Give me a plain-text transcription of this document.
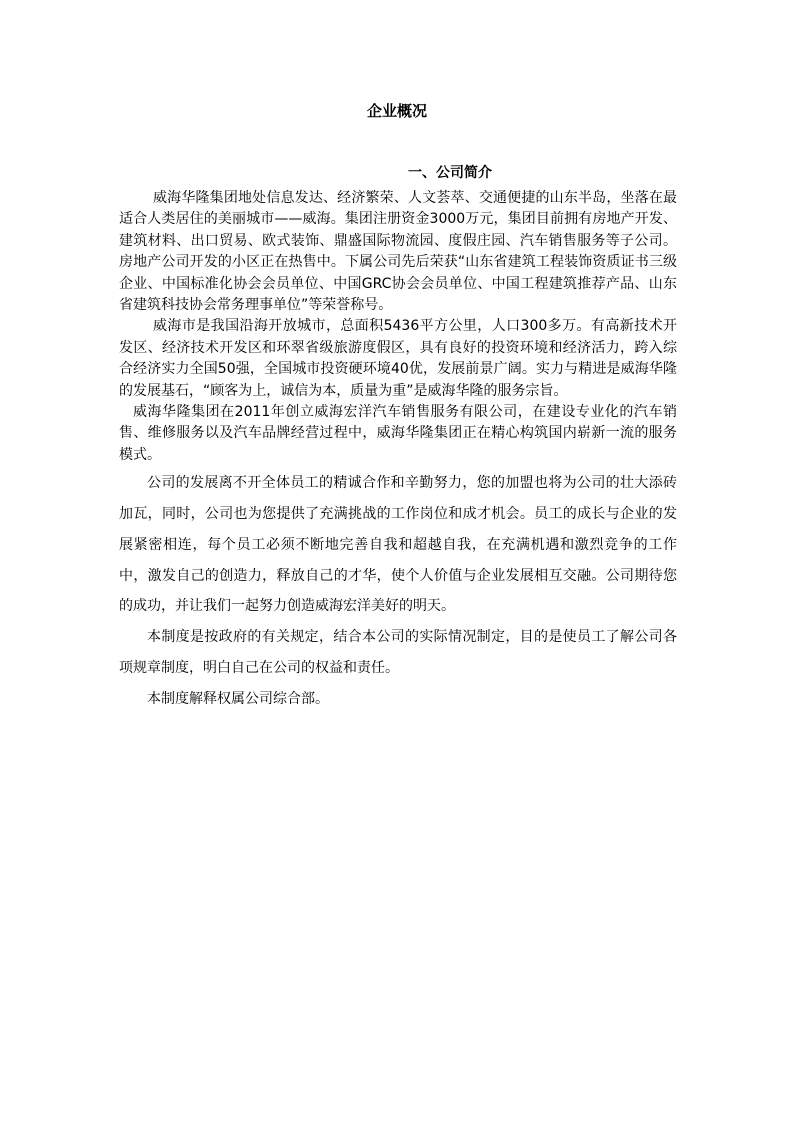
企业概况
一、公司简介

威海华隆集团地处信息发达、经济繁荣、人文荟萃、交通便捷的山东半岛，坐落在最适合人类居住的美丽城市——威海。集团注册资金3000万元，集团目前拥有房地产开发、建筑材料、出口贸易、欧式装饰、鼎盛国际物流园、度假庄园、汽车销售服务等子公司。房地产公司开发的小区正在热售中。下属公司先后荣获“山东省建筑工程装饰资质证书三级企业、中国标准化协会会员单位、中国GRC协会会员单位、中国工程建筑推荐产品、山东省建筑科技协会常务理事单位”等荣誉称号。

威海市是我国沿海开放城市，总面积5436平方公里，人口300多万。有高新技术开发区、经济技术开发区和环翠省级旅游度假区，具有良好的投资环境和经济活力，跨入综合经济实力全国50强，全国城市投资硬环境40优，发展前景广阔。实力与精进是威海华隆的发展基石，“顾客为上，诚信为本，质量为重”是威海华隆的服务宗旨。

威海华隆集团在2011年创立威海宏洋汽车销售服务有限公司，在建设专业化的汽车销售、维修服务以及汽车品牌经营过程中，威海华隆集团正在精心构筑国内崭新一流的服务模式。

公司的发展离不开全体员工的精诚合作和辛勤努力，您的加盟也将为公司的壮大添砖加瓦，同时，公司也为您提供了充满挑战的工作岗位和成才机会。员工的成长与企业的发展紧密相连，每个员工必须不断地完善自我和超越自我，在充满机遇和激烈竞争的工作中，激发自己的创造力，释放自己的才华，使个人价值与企业发展相互交融。公司期待您的成功，并让我们一起努力创造威海宏洋美好的明天。

本制度是按政府的有关规定，结合本公司的实际情况制定，目的是使员工了解公司各项规章制度，明白自己在公司的权益和责任。

本制度解释权属公司综合部。
